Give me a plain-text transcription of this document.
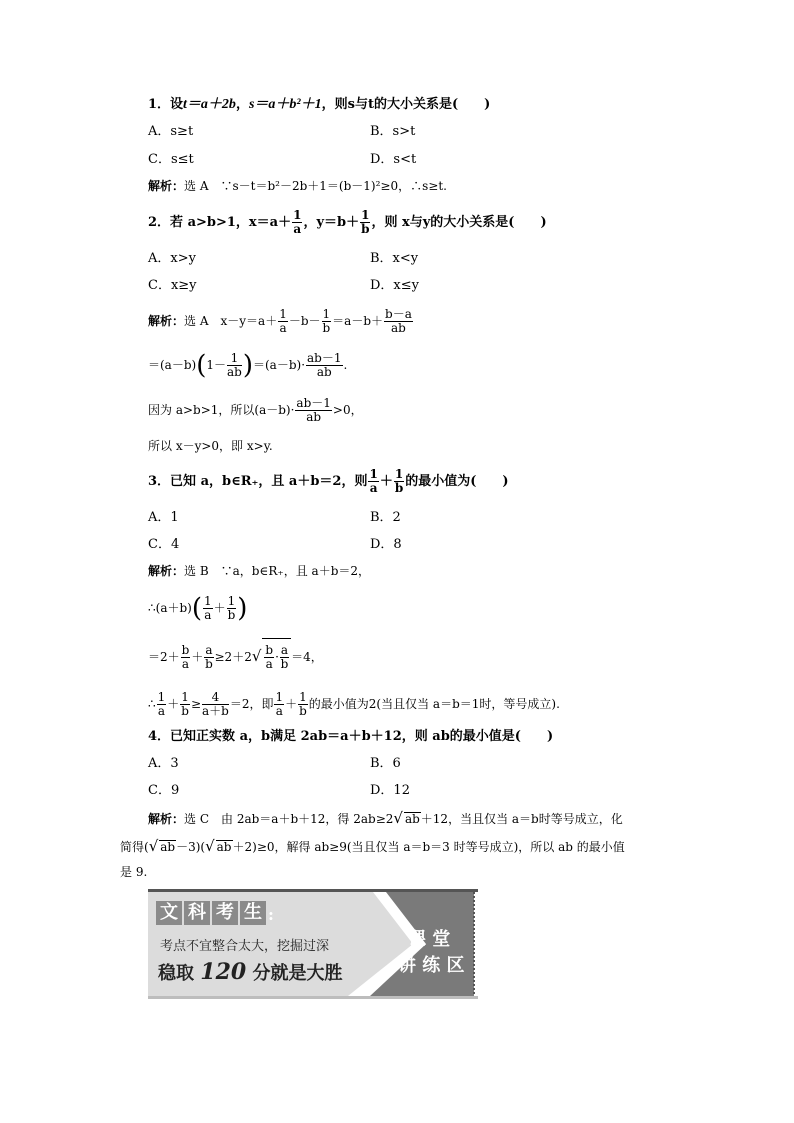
1．设t＝a＋2b，s＝a＋b²＋1，则s与t的大小关系是(　　)
A．s≥t	B．s>t
C．s≤t	D．s<t
解析：选 A　∵s－t＝b²－2b＋1＝(b－1)²≥0，∴s≥t.
2．若 a>b>1，$x=a+ \frac{1}{a}$ ，$y=b+ \frac{1}{b}$ ，则 x与y的大小关系是(　　)
A．x>y	B．x<y
C．x≥y	D．x≤y
解析：选 A　$x-y=a+ \frac{1}{a} -b- \frac{1}{b} =a-b+ \frac{b-a}{ab}$
$=(a-b)(1- \frac{1}{ab} )=(a-b)\cdot \frac{ab-1}{ab}$ .
因为 a>b>1，所以$(a-b)\cdot \frac{ab-1}{ab} >0$，
所以 x－y>0，即 x>y.
3．已知 a，b∈R₊，且 a＋b＝2，则 $\frac{1}{a} + \frac{1}{b}$ 的最小值为(　　)
A．1	B．2
C．4	D．8
解析：选 B　∵a，b∈R₊，且 a＋b＝2，
∴(a＋b)( $\frac{1}{a} + \frac{1}{b}$ )
$=2+ \frac{b}{a} + \frac{a}{b} \ge 2+2√ \frac{b}{a} \cdot \frac{a}{b} =4$，
∴ $\frac{1}{a} + \frac{1}{b} \ge \frac{4}{a+b} =2$，即 $\frac{1}{a} + \frac{1}{b}$ 的最小值为2(当且仅当 a＝b＝1时，等号成立).
4．已知正实数 a，b满足 2ab＝a＋b＋12，则 ab的最小值是(　　)
A．3	B．6
C．9	D．12
解析：选 C　由 2ab＝a＋b＋12，得 2ab≥2√ ab＋12，当且仅当 a＝b时等号成立，化
简得(√ ab－3)(√ ab＋2)≥0，解得 ab≥9(当且仅当 a＝b＝3 时等号成立)，所以 ab 的最小值
是 9.
文 科 考 生 :
考点不宜整合太大，挖掘过深
稳取 120 分就是大胜
课 堂
讲 练 区
